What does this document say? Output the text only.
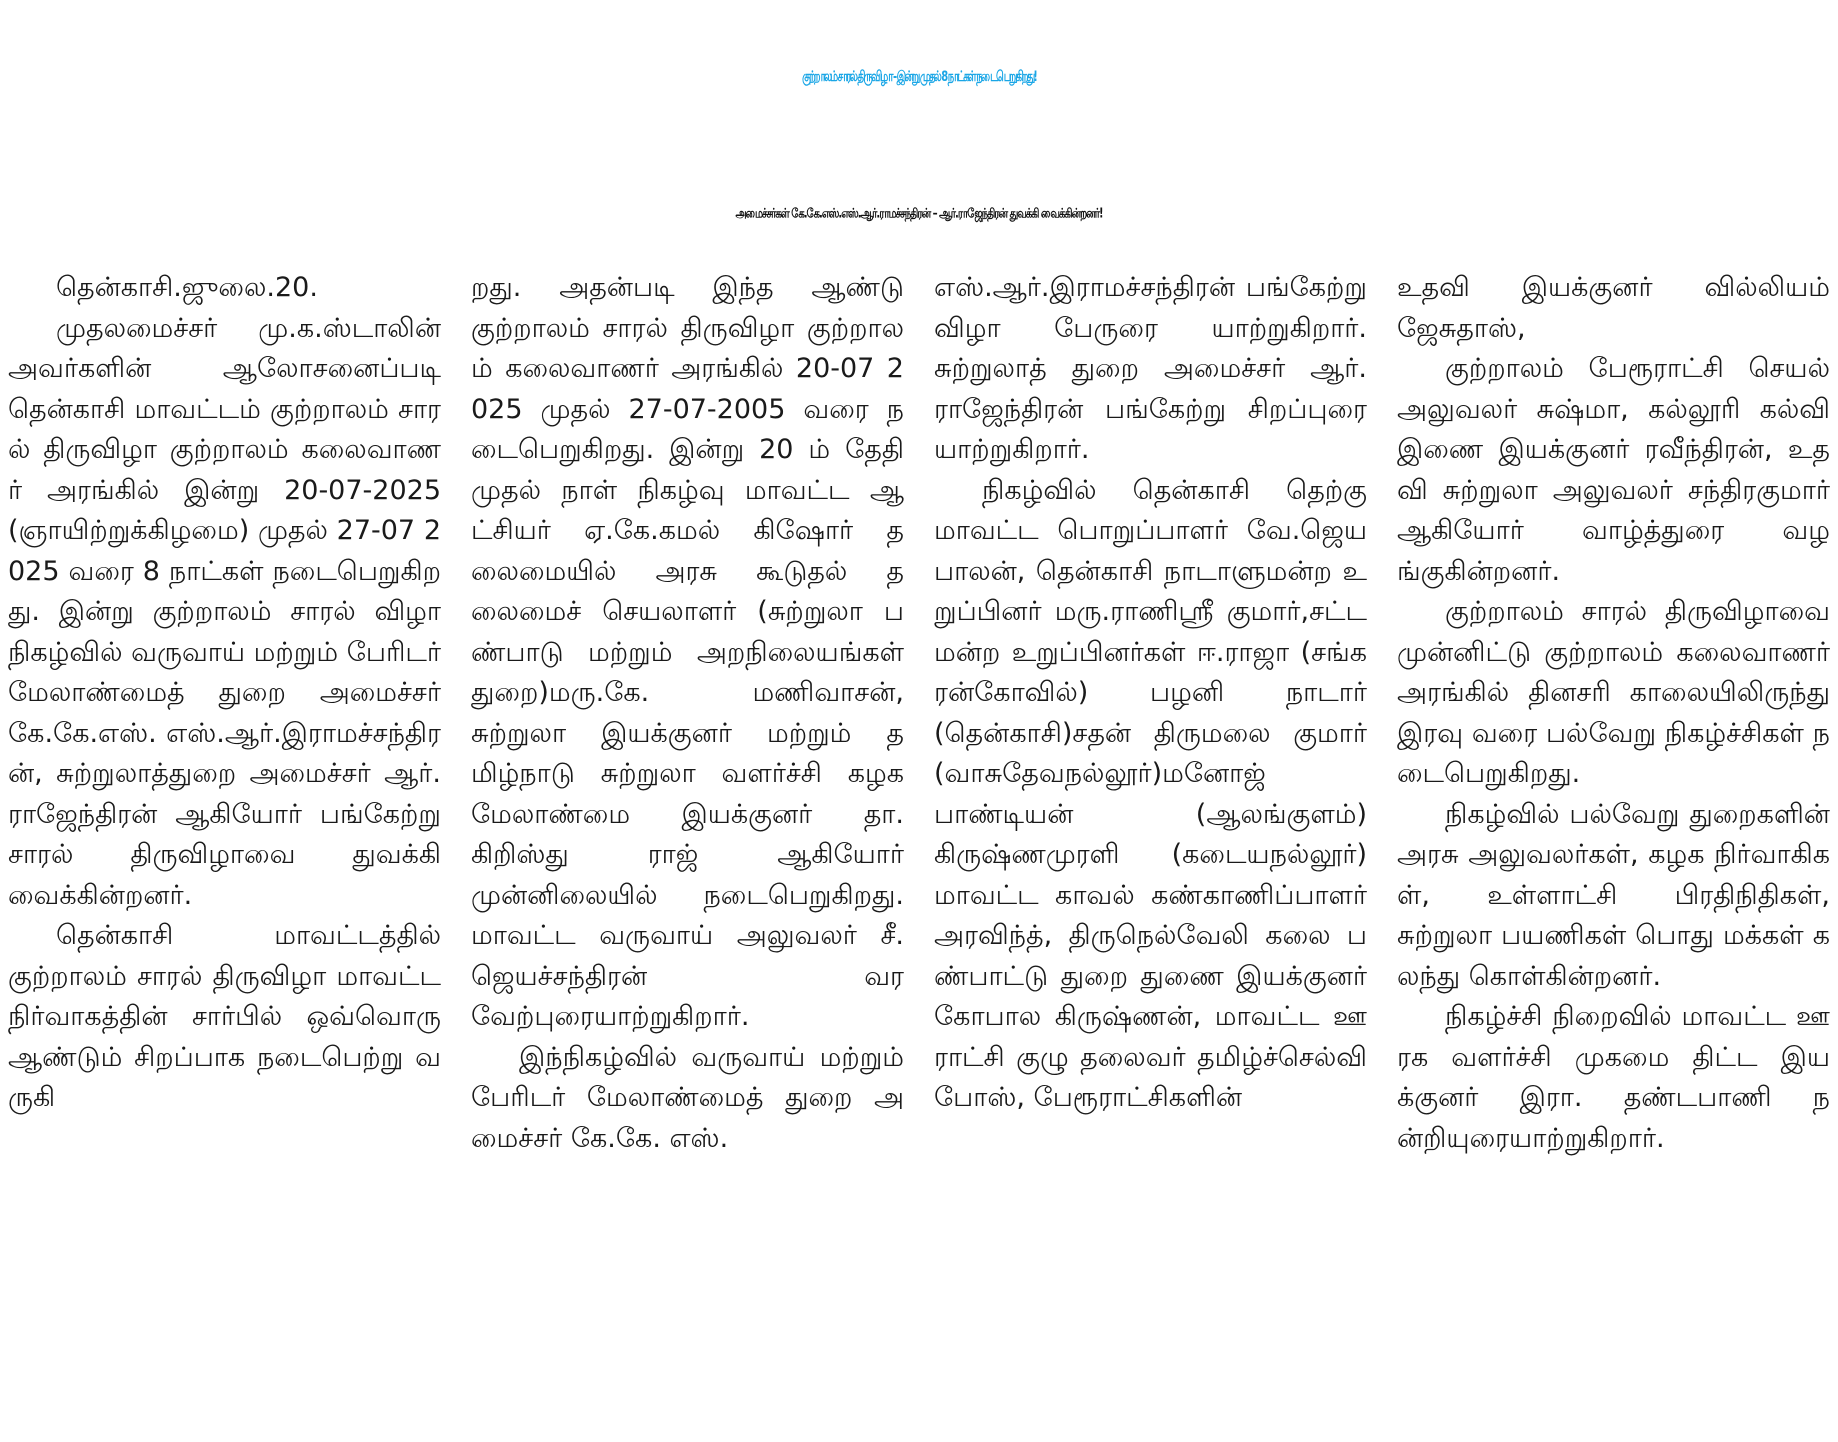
குற்றாலம் சாரல் திருவிழா - இன்று முதல் 8 நாட்கள் நடைபெறுகிறது!
அமைச்சர்கள் கே.கே.எஸ்.எஸ்.ஆர்.ராமச்சந்திரன் – ஆர்.ராஜேந்திரன் துவக்கி வைக்கின்றனர்!

தென்காசி.ஜுலை.20.

முதலமைச்சர் மு.க.ஸ்டாலின் அவர்களின் ஆலோசனைப்படி தென்காசி மாவட்டம் குற்றாலம் சாரல் திருவிழா குற்றாலம் கலைவாணர் அரங்கில் இன்று 20-07-2025 (ஞாயிற்றுக்கிழமை) முதல் 27-07 2025 வரை 8 நாட்கள் நடைபெறுகிறது. இன்று குற்றாலம் சாரல் விழா நிகழ்வில் வருவாய் மற்றும் பேரிடர் மேலாண்மைத் துறை அமைச்சர் கே.கே.எஸ். எஸ்.ஆர்.இராமச்சந்திரன், சுற்றுலாத்துறை அமைச்சர் ஆர்.ராஜேந்திரன் ஆகியோர் பங்கேற்று சாரல் திருவிழாவை துவக்கி வைக்கின்றனர்.

தென்காசி மாவட்டத்தில் குற்றாலம் சாரல் திருவிழா மாவட்ட நிர்வாகத்தின் சார்பில் ஒவ்வொரு ஆண்டும் சிறப்பாக நடைபெற்று வருகி

றது. அதன்படி இந்த ஆண்டு குற்றாலம் சாரல் திருவிழா குற்றாலம் கலைவாணர் அரங்கில் 20-07 2025 முதல் 27-07-2005 வரை நடைபெறுகிறது. இன்று 20 ம் தேதி முதல் நாள் நிகழ்வு மாவட்ட ஆட்சியர் ஏ.கே.கமல் கிஷோர் தலைமையில் அரசு கூடுதல் தலைமைச் செயலாளர் (சுற்றுலா பண்பாடு மற்றும் அறநிலையங்கள் துறை)மரு.கே. மணிவாசன், சுற்றுலா இயக்குனர் மற்றும் தமிழ்நாடு சுற்றுலா வளர்ச்சி கழக மேலாண்மை இயக்குனர் தா.கிறிஸ்து ராஜ் ஆகியோர் முன்னிலையில் நடைபெறுகிறது. மாவட்ட வருவாய் அலுவலர் சீ.ஜெயச்சந்திரன் வரவேற்புரையாற்றுகிறார்.

இந்நிகழ்வில் வருவாய் மற்றும் பேரிடர் மேலாண்மைத் துறை அமைச்சர் கே.கே. எஸ்.

எஸ்.ஆர்.இராமச்சந்திரன் பங்கேற்று விழா பேருரை யாற்றுகிறார். சுற்றுலாத் துறை அமைச்சர் ஆர். ராஜேந்திரன் பங்கேற்று சிறப்புரை யாற்றுகிறார்.

நிகழ்வில் தென்காசி தெற்கு மாவட்ட பொறுப்பாளர் வே.ஜெயபாலன், தென்காசி நாடாளுமன்ற உறுப்பினர் மரு.ராணிஸ்ரீ குமார்,சட்டமன்ற உறுப்பினர்கள் ஈ.ராஜா (சங்கரன்கோவில்) பழனி நாடார் (தென்காசி)சதன் திருமலை குமார் (வாசுதேவநல்லூர்)மனோஜ் பாண்டியன் (ஆலங்குளம்) கிருஷ்ணமுரளி (கடையநல்லூர்) மாவட்ட காவல் கண்காணிப்பாளர் அரவிந்த், திருநெல்வேலி கலை பண்பாட்டு துறை துணை இயக்குனர் கோபால கிருஷ்ணன், மாவட்ட ஊராட்சி குழு தலைவர் தமிழ்ச்செல்வி போஸ், பேரூராட்சிகளின்

உதவி இயக்குனர் வில்லியம் ஜேசுதாஸ்,

குற்றாலம் பேரூராட்சி செயல் அலுவலர் சுஷ்மா, கல்லூரி கல்வி இணை இயக்குனர் ரவீந்திரன், உதவி சுற்றுலா அலுவலர் சந்திரகுமார் ஆகியோர் வாழ்த்துரை வழங்குகின்றனர்.

குற்றாலம் சாரல் திருவிழாவை முன்னிட்டு குற்றாலம் கலைவாணர் அரங்கில் தினசரி காலையிலிருந்து இரவு வரை பல்வேறு நிகழ்ச்சிகள் நடைபெறுகிறது.

நிகழ்வில் பல்வேறு துறைகளின் அரசு அலுவலர்கள், கழக நிர்வாகிகள், உள்ளாட்சி பிரதிநிதிகள், சுற்றுலா பயணிகள் பொது மக்கள் கலந்து கொள்கின்றனர்.

நிகழ்ச்சி நிறைவில் மாவட்ட ஊரக வளர்ச்சி முகமை திட்ட இயக்குனர் இரா. தண்டபாணி நன்றியுரையாற்றுகிறார்.
